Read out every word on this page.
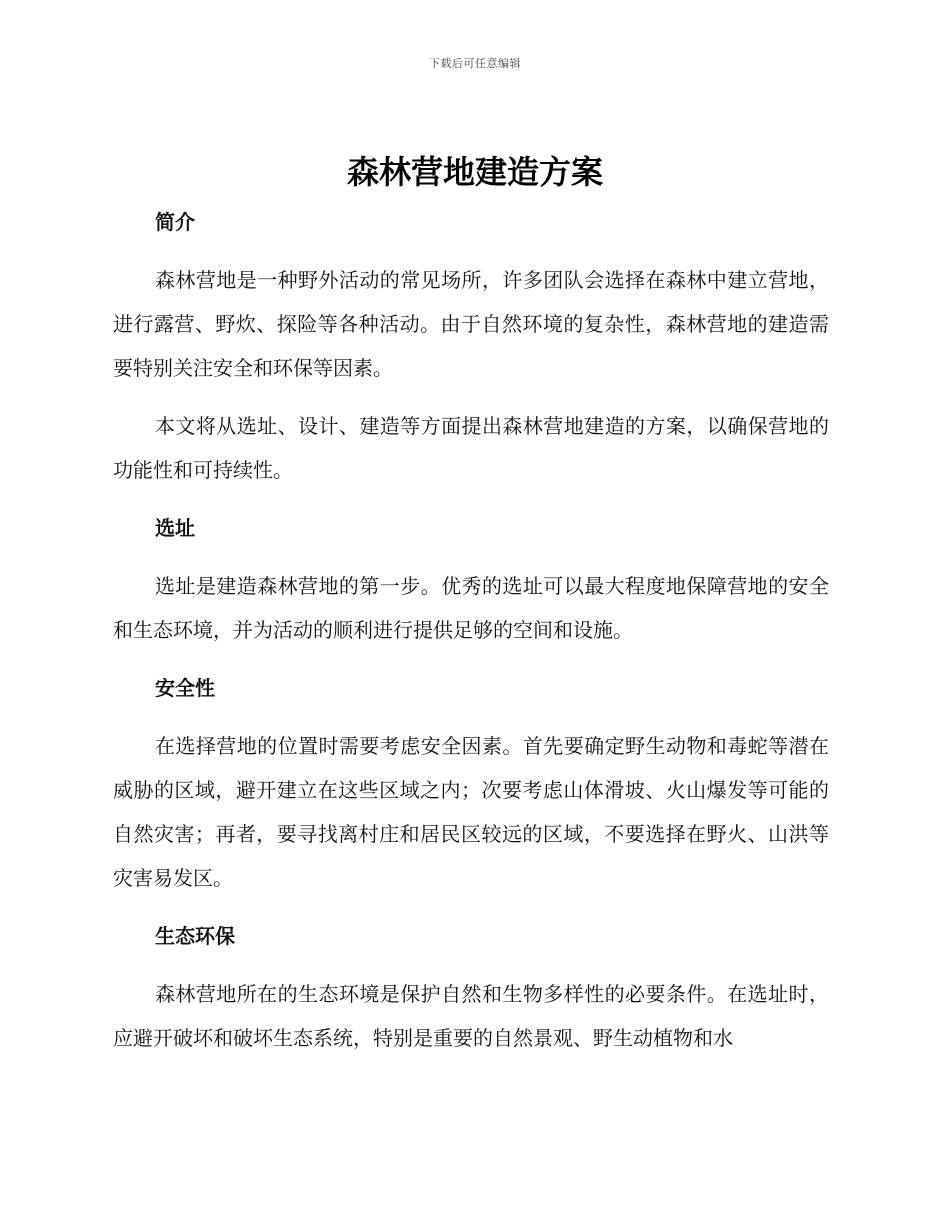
下载后可任意编辑
森林营地建造方案

简介

森林营地是一种野外活动的常见场所，许多团队会选择在森林中建立营地，进行露营、野炊、探险等各种活动。由于自然环境的复杂性，森林营地的建造需要特别关注安全和环保等因素。

本文将从选址、设计、建造等方面提出森林营地建造的方案，以确保营地的功能性和可持续性。

选址

选址是建造森林营地的第一步。优秀的选址可以最大程度地保障营地的安全和生态环境，并为活动的顺利进行提供足够的空间和设施。

安全性

在选择营地的位置时需要考虑安全因素。首先要确定野生动物和毒蛇等潜在威胁的区域，避开建立在这些区域之内；次要考虑山体滑坡、火山爆发等可能的自然灾害；再者，要寻找离村庄和居民区较远的区域，不要选择在野火、山洪等灾害易发区。

生态环保

森林营地所在的生态环境是保护自然和生物多样性的必要条件。在选址时，应避开破坏和破坏生态系统，特别是重要的自然景观、野生动植物和水
